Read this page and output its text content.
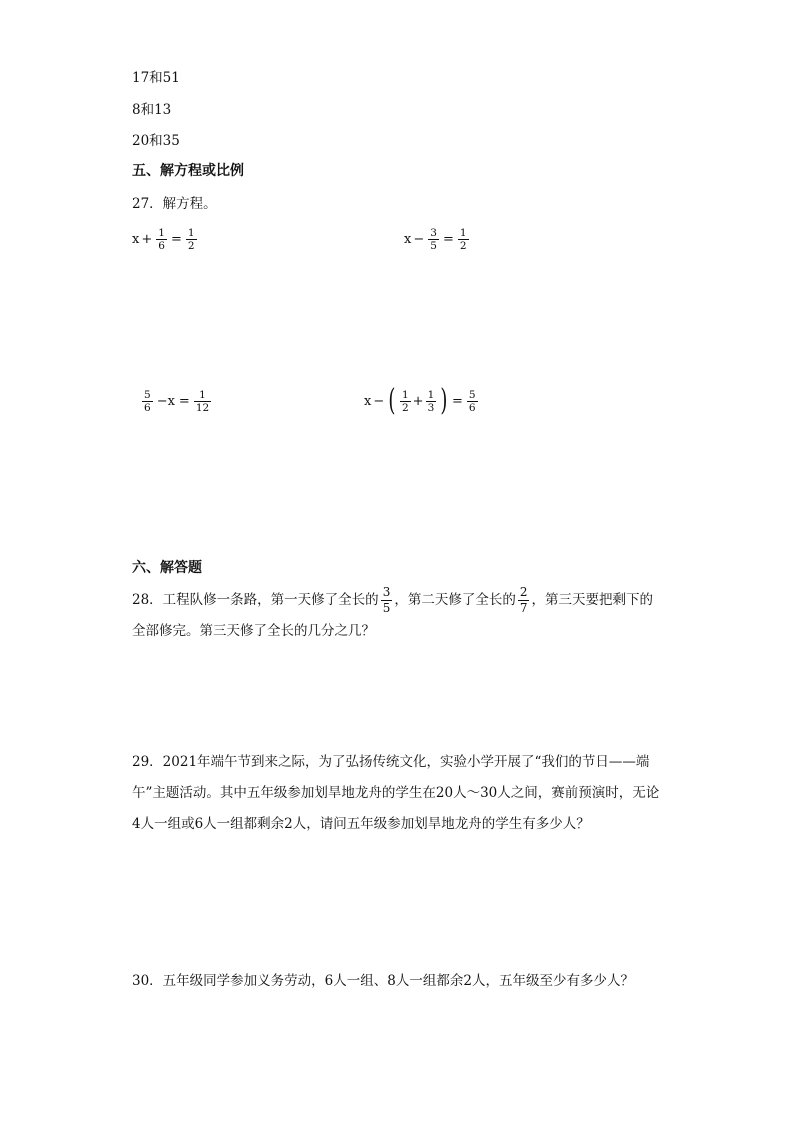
17和51
8和13
20和35
五、解方程或比例
27．解方程。
$x + \frac{1}{6} = \frac{1}{2}$	$x - \frac{3}{5} = \frac{1}{2}$
$\frac{5}{6} -x = \frac{1}{12}$	x − ( $\frac{1}{2} + \frac{1}{3}$ ) = $\frac{5}{6}$
六、解答题
28．工程队修一条路，第一天修了全长的 $\frac{3}{5}$ ，第二天修了全长的 $\frac{2}{7}$ ，第三天要把剩下的全部修完。第三天修了全长的几分之几？
29．2021年端午节到来之际，为了弘扬传统文化，实验小学开展了“我们的节日——端午”主题活动。其中五年级参加划旱地龙舟的学生在20人～30人之间，赛前预演时，无论4人一组或6人一组都剩余2人，请问五年级参加划旱地龙舟的学生有多少人？
30．五年级同学参加义务劳动，6人一组、8人一组都余2人，五年级至少有多少人？
